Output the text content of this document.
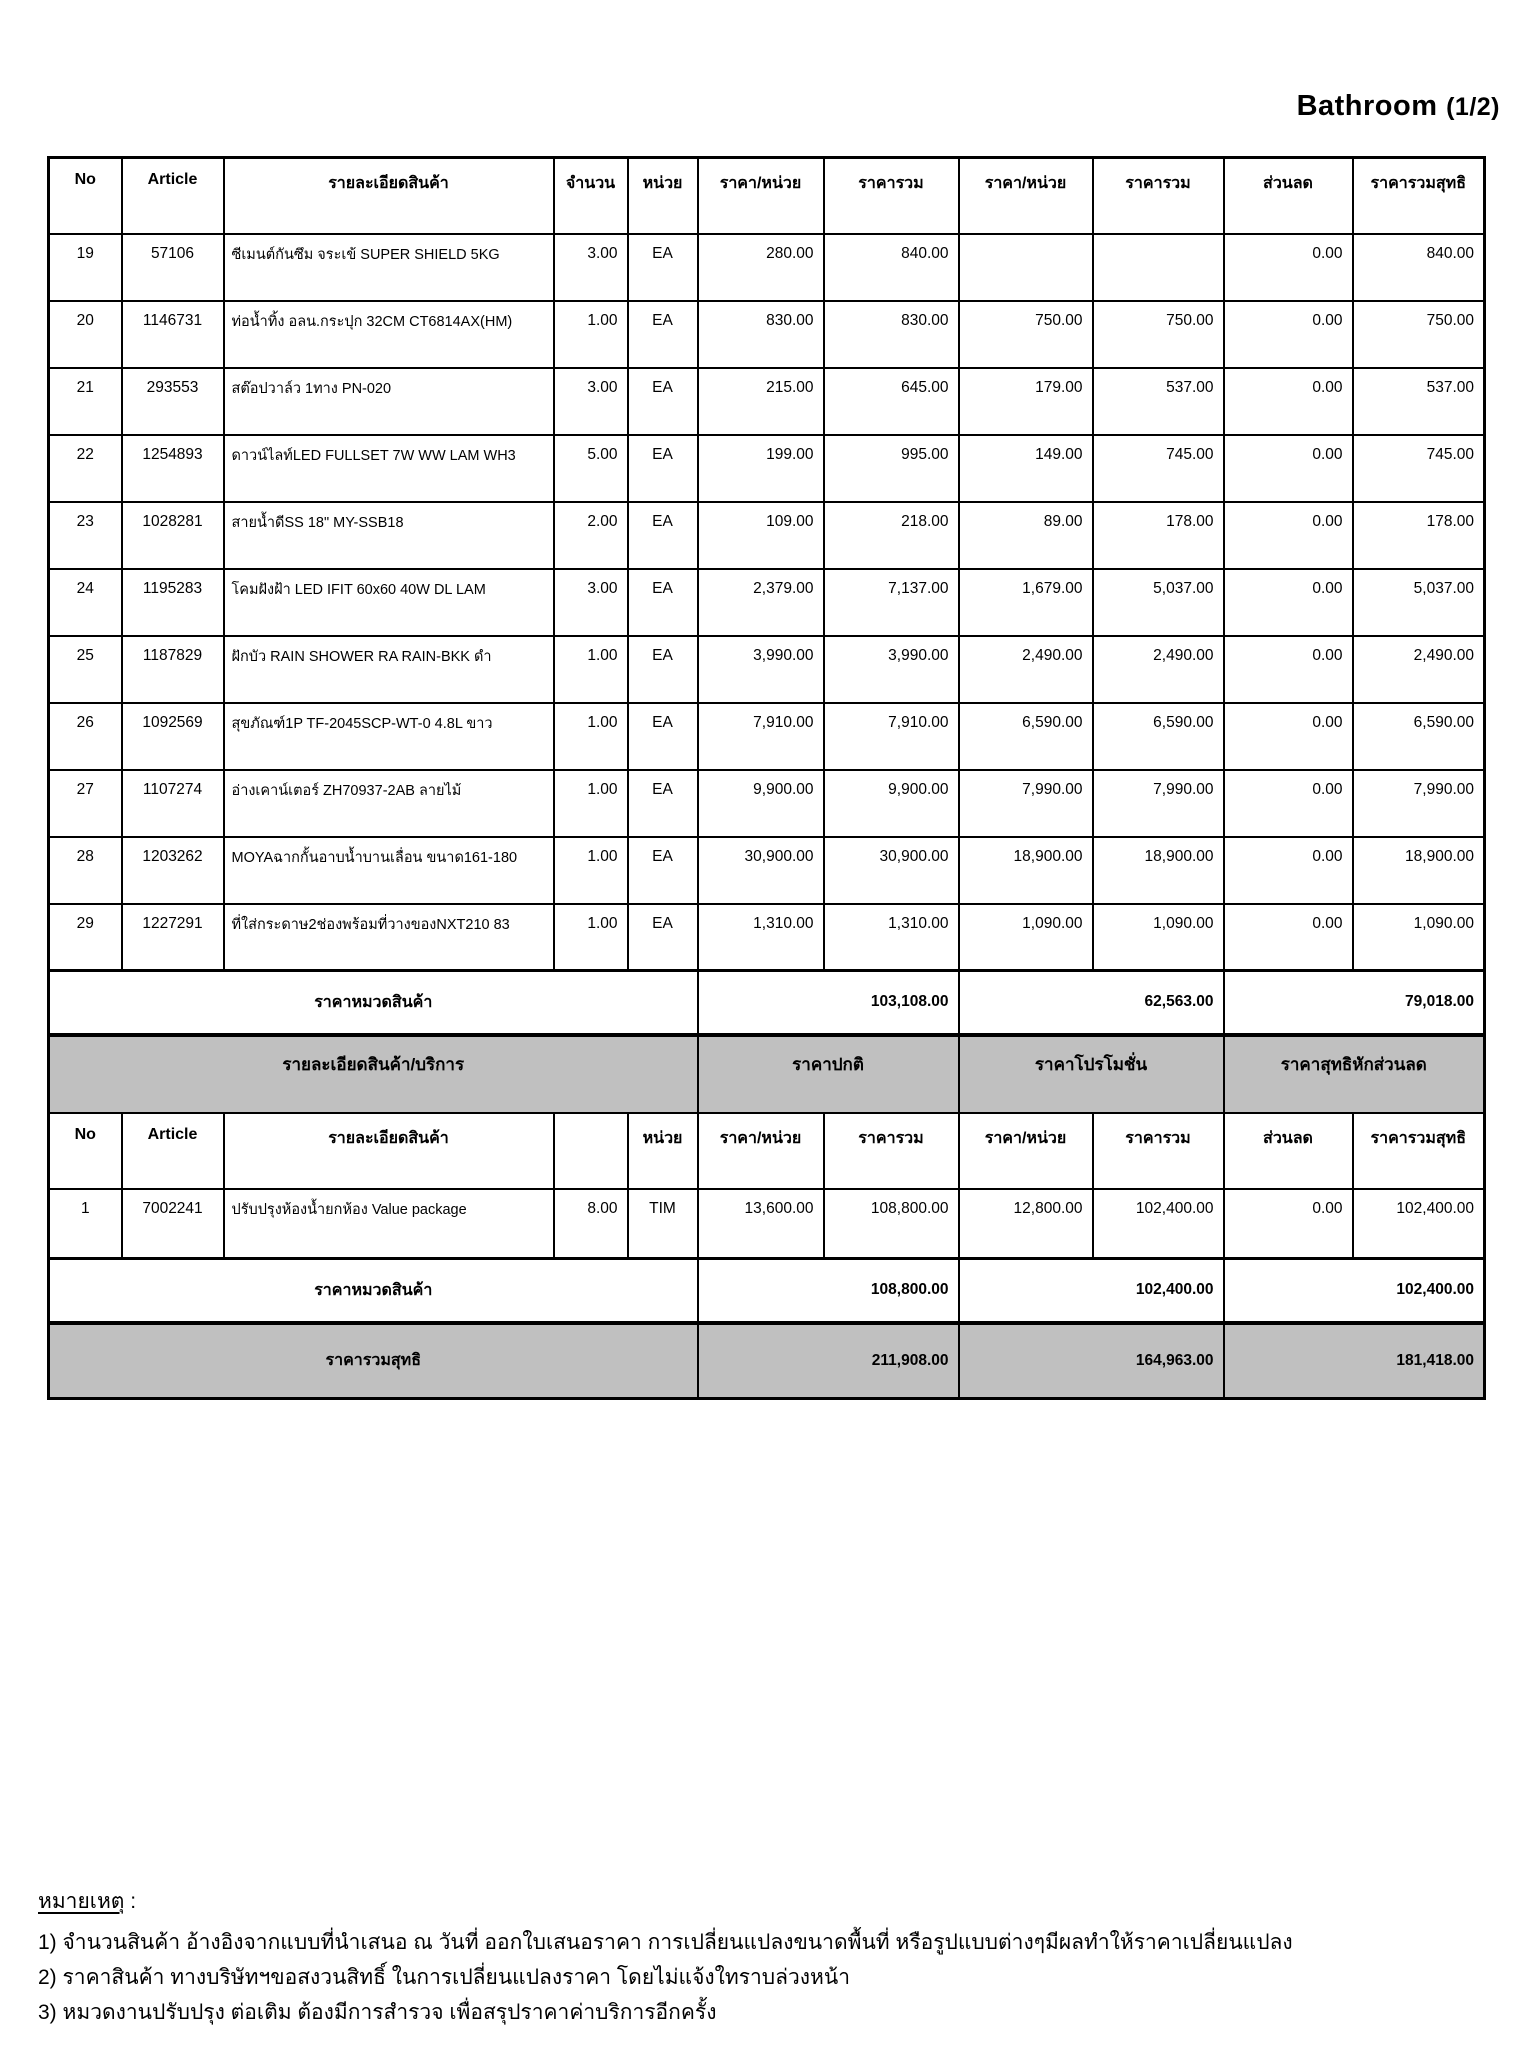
Bathroom (1/2)
No	Article	รายละเอียดสินค้า	จำนวน	หน่วย	ราคา/หน่วย	ราคารวม	ราคา/หน่วย	ราคารวม	ส่วนลด	ราคารวมสุทธิ
19	57106	ซีเมนต์กันซึม จระเข้ SUPER SHIELD 5KG	3.00	EA	280.00	840.00			0.00	840.00
20	1146731	ท่อน้ำทิ้ง อลน.กระปุก 32CM CT6814AX(HM)	1.00	EA	830.00	830.00	750.00	750.00	0.00	750.00
21	293553	สต๊อปวาล์ว 1ทาง PN-020	3.00	EA	215.00	645.00	179.00	537.00	0.00	537.00
22	1254893	ดาวน์ไลท์LED FULLSET 7W WW LAM WH3	5.00	EA	199.00	995.00	149.00	745.00	0.00	745.00
23	1028281	สายน้ำดีSS 18" MY-SSB18	2.00	EA	109.00	218.00	89.00	178.00	0.00	178.00
24	1195283	โคมฝังฝ้า LED IFIT 60x60 40W DL LAM	3.00	EA	2,379.00	7,137.00	1,679.00	5,037.00	0.00	5,037.00
25	1187829	ฝักบัว RAIN SHOWER RA RAIN-BKK ดำ	1.00	EA	3,990.00	3,990.00	2,490.00	2,490.00	0.00	2,490.00
26	1092569	สุขภัณฑ์1P TF-2045SCP-WT-0 4.8L ขาว	1.00	EA	7,910.00	7,910.00	6,590.00	6,590.00	0.00	6,590.00
27	1107274	อ่างเคาน์เตอร์ ZH70937-2AB ลายไม้	1.00	EA	9,900.00	9,900.00	7,990.00	7,990.00	0.00	7,990.00
28	1203262	MOYAฉากกั้นอาบน้ำบานเลื่อน ขนาด161-180	1.00	EA	30,900.00	30,900.00	18,900.00	18,900.00	0.00	18,900.00
29	1227291	ที่ใส่กระดาษ2ช่องพร้อมที่วางของNXT210 83	1.00	EA	1,310.00	1,310.00	1,090.00	1,090.00	0.00	1,090.00
ราคาหมวดสินค้า					103,108.00		62,563.00		79,018.00	
รายละเอียดสินค้า/บริการ					ราคาปกติ		ราคาโปรโมชั่น		ราคาสุทธิหักส่วนลด	
No	Article	รายละเอียดสินค้า		หน่วย	ราคา/หน่วย	ราคารวม	ราคา/หน่วย	ราคารวม	ส่วนลด	ราคารวมสุทธิ
1	7002241	ปรับปรุงห้องน้ำยกห้อง Value package	8.00	TIM	13,600.00	108,800.00	12,800.00	102,400.00	0.00	102,400.00
ราคาหมวดสินค้า					108,800.00		102,400.00		102,400.00	
ราคารวมสุทธิ					211,908.00		164,963.00		181,418.00	
หมายเหตุ :
1) จำนวนสินค้า อ้างอิงจากแบบที่นำเสนอ ณ วันที่ ออกใบเสนอราคา การเปลี่ยนแปลงขนาดพื้นที่ หรือรูปแบบต่างๆมีผลทำให้ราคาเปลี่ยนแปลง
2) ราคาสินค้า ทางบริษัทฯขอสงวนสิทธิ์ ในการเปลี่ยนแปลงราคา โดยไม่แจ้งใทราบล่วงหน้า
3) หมวดงานปรับปรุง ต่อเติม ต้องมีการสำรวจ เพื่อสรุปราคาค่าบริการอีกครั้ง
